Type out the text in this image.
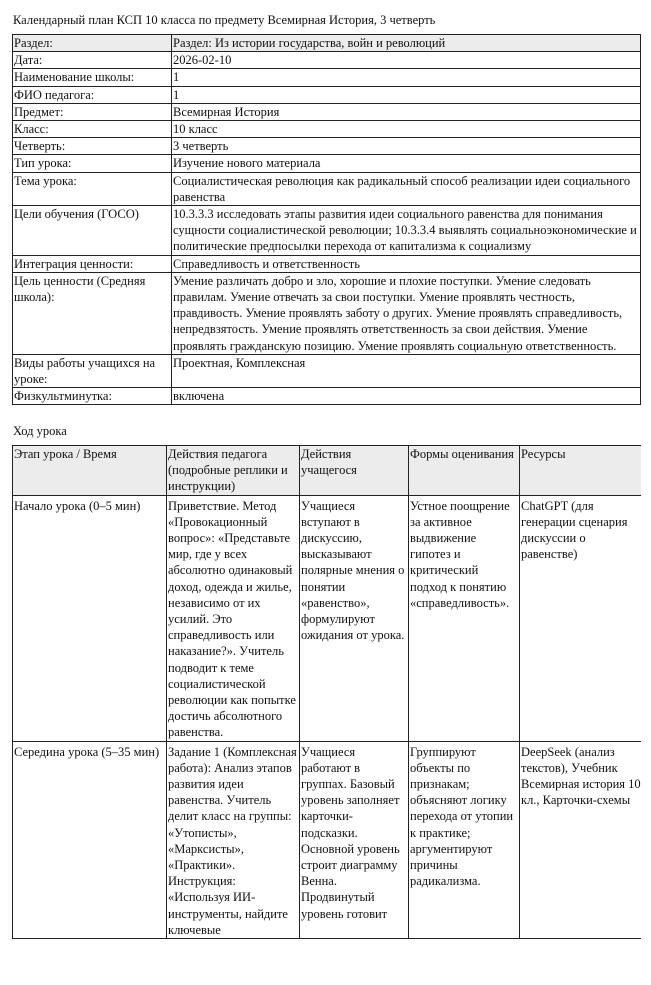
Календарный план КСП 10 класса по предмету Всемирная История, 3 четверть
Раздел:	Раздел: Из истории государства, войн и революций
Дата:	2026-02-10
Наименование школы:	1
ФИО педагога:	1
Предмет:	Всемирная История
Класс:	10 класс
Четверть:	3 четверть
Тип урока:	Изучение нового материала
Тема урока:	Социалистическая революция как радикальный способ реализации идеи социального равенства
Цели обучения (ГОСО)	10.3.3.3 исследовать этапы развития идеи социального равенства для понимания сущности социалистической революции; 10.3.3.4 выявлять социальноэкономические и политические предпосылки перехода от капитализма к социализму
Интеграция ценности:	Справедливость и ответственность
Цель ценности (Средняя школа):	Умение различать добро и зло, хорошие и плохие поступки. Умение следовать правилам. Умение отвечать за свои поступки. Умение проявлять честность, правдивость. Умение проявлять заботу о других. Умение проявлять справедливость, непредвзятость. Умение проявлять ответственность за свои действия. Умение проявлять гражданскую позицию. Умение проявлять социальную ответственность.
Виды работы учащихся на уроке:	Проектная, Комплексная
Физкультминутка:	включена
Ход урока
Этап урока / Время	Действия педагога (подробные реплики и инструкции)	Действия учащегося	Формы оценивания	Ресурсы
Начало урока (0–5 мин)	Приветствие. Метод «Провокационный вопрос»: «Представьте мир, где у всех абсолютно одинаковый доход, одежда и жилье, независимо от их усилий. Это справедливость или наказание?». Учитель подводит к теме социалистической революции как попытке достичь абсолютного равенства.	Учащиеся вступают в дискуссию, высказывают полярные мнения о понятии «равенство», формулируют ожидания от урока.	Устное поощрение за активное выдвижение гипотез и критический подход к понятию «справедливость».	ChatGPT (для генерации сценария дискуссии о равенстве)
Середина урока (5–35 мин)	Задание 1 (Комплексная работа): Анализ этапов развития идеи равенства. Учитель делит класс на группы: «Утописты», «Марксисты», «Практики». Инструкция: «Используя ИИ-инструменты, найдите ключевые	Учащиеся работают в группах. Базовый уровень заполняет карточки-подсказки. Основной уровень строит диаграмму Венна. Продвинутый уровень готовит	Группируют объекты по признакам; объясняют логику перехода от утопии к практике; аргументируют причины радикализма.	DeepSeek (анализ текстов), Учебник Всемирная история 10 кл., Карточки-схемы
